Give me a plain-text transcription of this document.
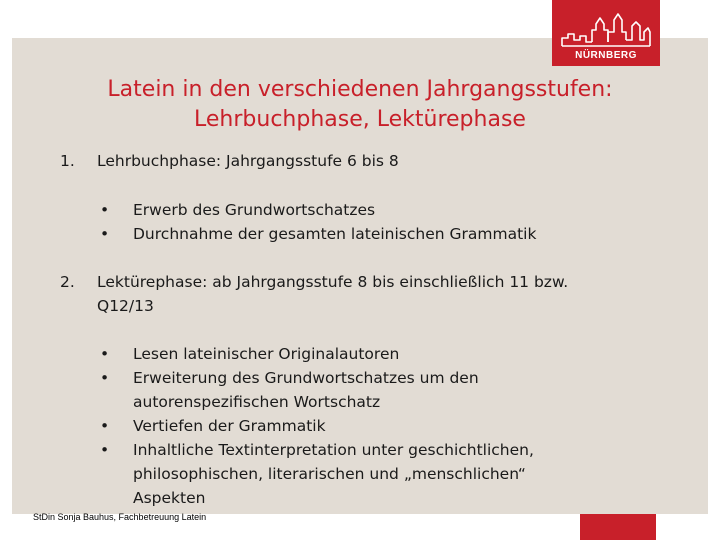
NÜRNBERG
Latein in den verschiedenen Jahrgangsstufen:
Lehrbuchphase, Lektürephase
1. Lehrbuchphase: Jahrgangsstufe 6 bis 8
• Erwerb des Grundwortschatzes
• Durchnahme der gesamten lateinischen Grammatik
2. Lektürephase: ab Jahrgangsstufe 8 bis einschließlich 11 bzw.
Q12/13
• Lesen lateinischer Originalautoren
• Erweiterung des Grundwortschatzes um den
autorenspezifischen Wortschatz
• Vertiefen der Grammatik
• Inhaltliche Textinterpretation unter geschichtlichen,
philosophischen, literarischen und „menschlichen“
Aspekten
StDin Sonja Bauhus, Fachbetreuung Latein
